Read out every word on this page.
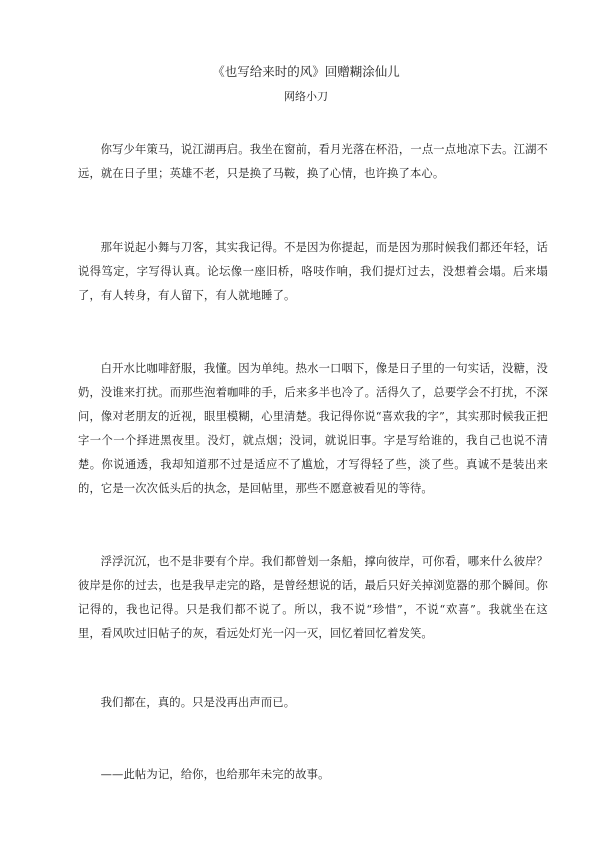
《也写给来时的风》回赠糊涂仙儿
网络小刀

你写少年策马，说江湖再启。我坐在窗前，看月光落在杯沿，一点一点地凉下去。江湖不远，就在日子里；英雄不老，只是换了马鞍，换了心情，也许换了本心。

那年说起小舞与刀客，其实我记得。不是因为你提起，而是因为那时候我们都还年轻，话说得笃定，字写得认真。论坛像一座旧桥，咯吱作响，我们提灯过去，没想着会塌。后来塌了，有人转身，有人留下，有人就地睡了。

白开水比咖啡舒服，我懂。因为单纯。热水一口咽下，像是日子里的一句实话，没糖，没奶，没谁来打扰。而那些泡着咖啡的手，后来多半也冷了。活得久了，总要学会不打扰，不深问，像对老朋友的近视，眼里模糊，心里清楚。我记得你说“喜欢我的字”，其实那时候我正把字一个一个择进黑夜里。没灯，就点烟；没词，就说旧事。字是写给谁的，我自己也说不清楚。你说通透，我却知道那不过是适应不了尴尬，才写得轻了些，淡了些。真诚不是装出来的，它是一次次低头后的执念，是回帖里，那些不愿意被看见的等待。

浮浮沉沉，也不是非要有个岸。我们都曾划一条船，撑向彼岸，可你看，哪来什么彼岸？彼岸是你的过去，也是我早走完的路，是曾经想说的话，最后只好关掉浏览器的那个瞬间。你记得的，我也记得。只是我们都不说了。所以，我不说“珍惜”，不说“欢喜”。我就坐在这里，看风吹过旧帖子的灰，看远处灯光一闪一灭，回忆着回忆着发笑。

我们都在，真的。只是没再出声而已。

——此帖为记，给你，也给那年未完的故事。
